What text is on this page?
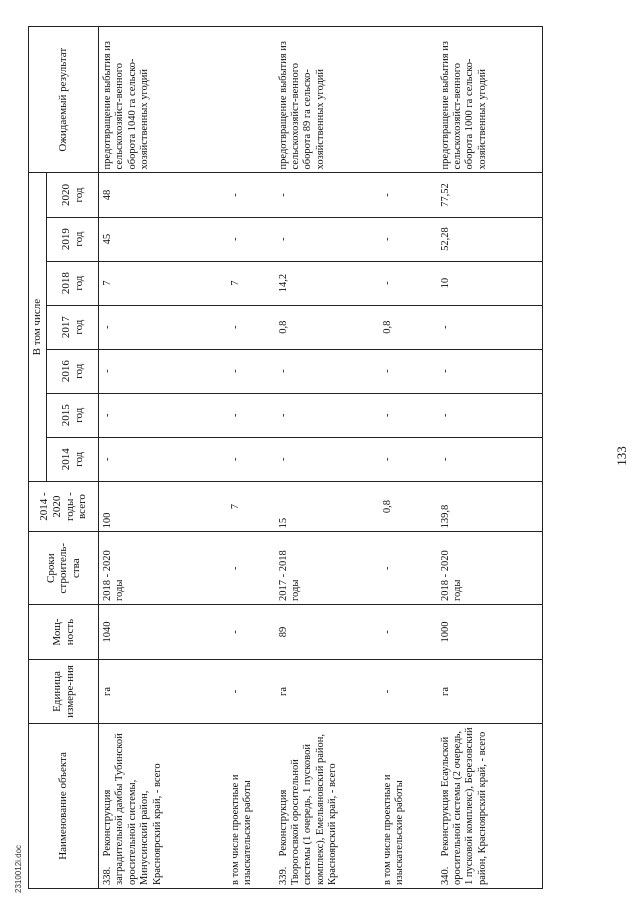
133
Наименование объекта	Единица измере-ния	Мощ-ность	Сроки строитель-ства	2014 - 2020 годы - всего	В том числе							Ожидаемый результат
					2014 год	2015 год	2016 год	2017 год	2018 год	2019 год	2020 год	
338. Реконструкция заградительной дамбы Тубинской оросительной системы, Минусинский район, Красноярский край, - всего	га	1040	2018 - 2020 годы	100	-	-	-	-	7	45	48	предотвращение выбытия из сельскохозяйст-венного оборота 1040 га сельско-хозяйственных угодий
в том числе проектные и изыскательские работы	-	-	-	7	-	-	-	-	7	-	-	
339. Реконструкция Творогосвкой оросительной системы (1 очередь, 1 пусковой комплекс), Емельяновский район, Красноярский край, - всего	га	89	2017 - 2018 годы	15	-	-	-	0,8	14,2	-	-	предотвращение выбытия из сельскохозяйст-венного оборота 89 га сельско-хозяйственных угодий
в том числе проектные и изыскательские работы	-	-	-	0,8	-	-	-	0,8	-	-	-	
340. Реконструкция Есаульской оросительной системы (2 очередь, 1 пусковой комплекс), Березовский район, Красноярский край, - всего	га	1000	2018 - 2020 годы	139,8	-	-	-	-	10	52,28	77,52	предотвращение выбытия из сельскохозяйст-венного оборота 1000 га сельско-хозяйственных угодий
2310012i.doc
